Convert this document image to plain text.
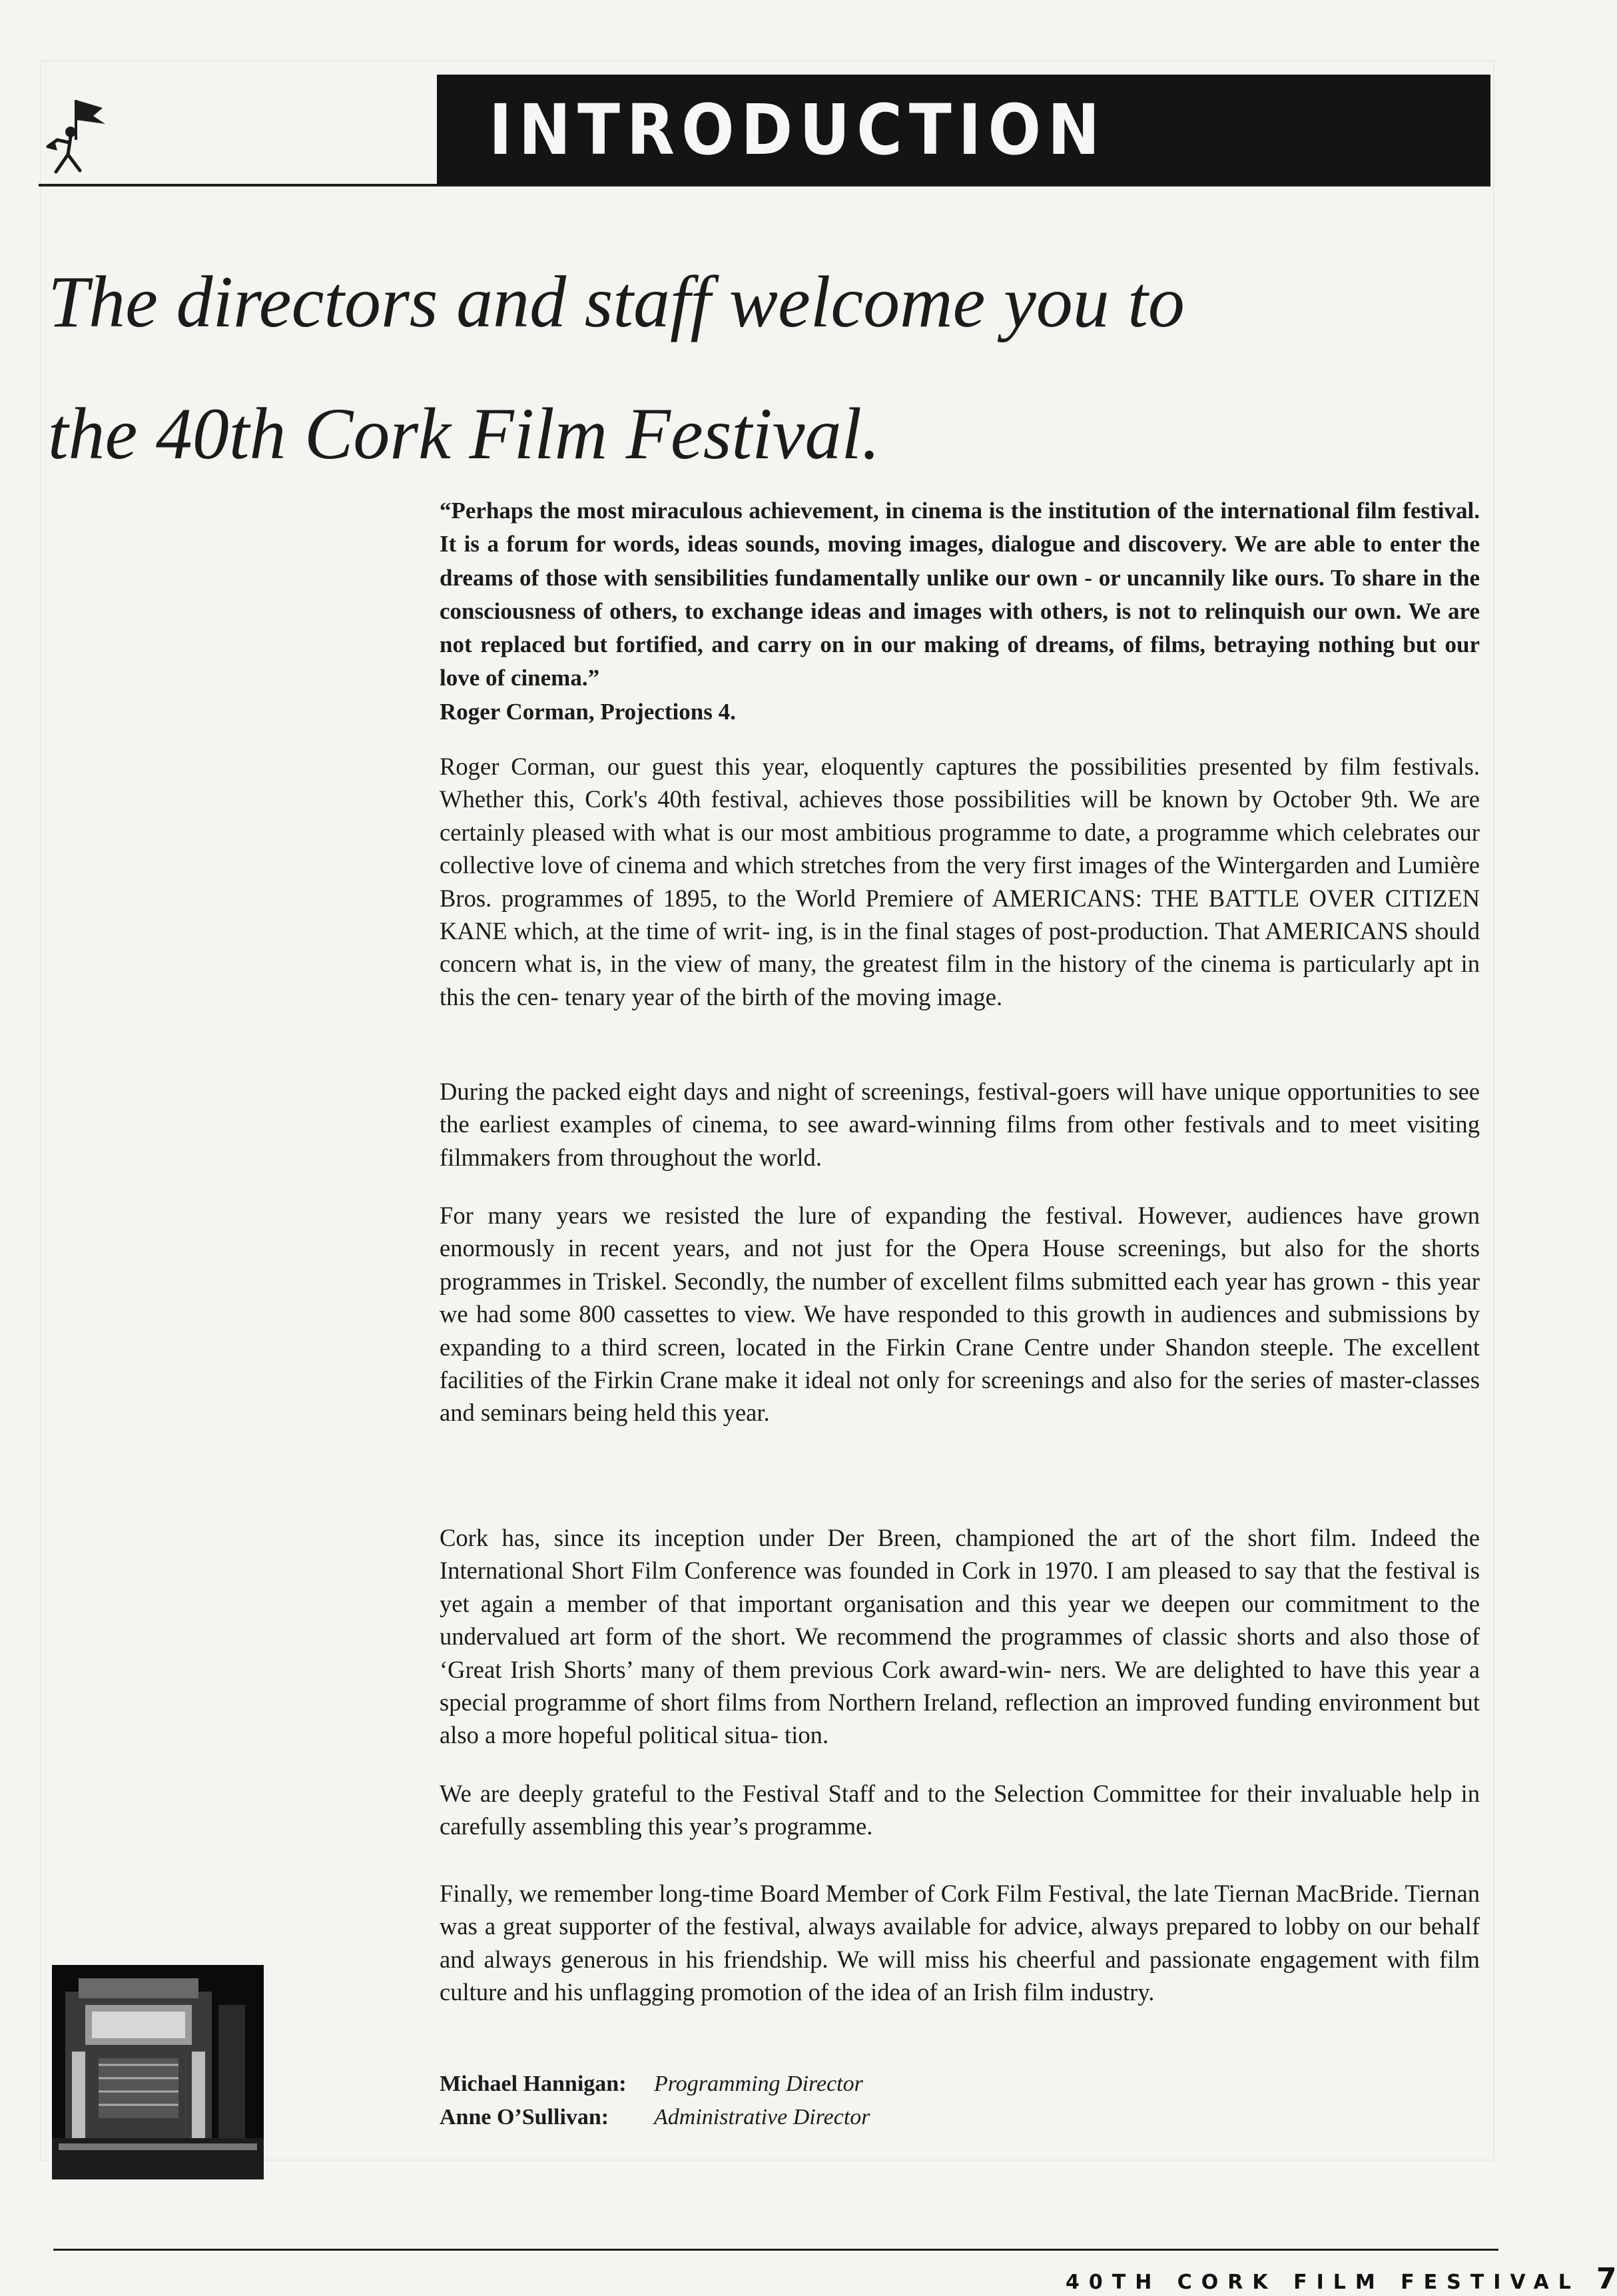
INTRODUCTION
The directors and staff welcome you to
the 40th Cork Film Festival.
“Perhaps the most miraculous achievement, in cinema is the institution of the international film festival. It is a forum for words, ideas sounds, moving images, dialogue and discovery. We are able to enter the dreams of those with sensibilities fundamentally unlike our own - or uncannily like ours. To share in the consciousness of others, to exchange ideas and images with others, is not to relinquish our own. We are not replaced but fortified, and carry on in our making of dreams, of films, betraying nothing but our love of cinema.”
Roger Corman, Projections 4.

Roger Corman, our guest this year, eloquently captures the possibilities presented by film festivals. Whether this, Cork's 40th festival, achieves those possibilities will be known by October 9th. We are certainly pleased with what is our most ambitious programme to date, a programme which celebrates our collective love of cinema and which stretches from the very first images of the Wintergarden and Lumière Bros. programmes of 1895, to the World Premiere of AMERICANS: THE BATTLE OVER CITIZEN KANE which, at the time of writ- ing, is in the final stages of post-production. That AMERICANS should concern what is, in the view of many, the greatest film in the history of the cinema is particularly apt in this the cen- tenary year of the birth of the moving image.

During the packed eight days and night of screenings, festival-goers will have unique opportunities to see the earliest examples of cinema, to see award-winning films from other festivals and to meet visiting filmmakers from throughout the world.

For many years we resisted the lure of expanding the festival. However, audiences have grown enormously in recent years, and not just for the Opera House screenings, but also for the shorts programmes in Triskel. Secondly, the number of excellent films submitted each year has grown - this year we had some 800 cassettes to view. We have responded to this growth in audiences and submissions by expanding to a third screen, located in the Firkin Crane Centre under Shandon steeple. The excellent facilities of the Firkin Crane make it ideal not only for screenings and also for the series of master-classes and seminars being held this year.

Cork has, since its inception under Der Breen, championed the art of the short film. Indeed the International Short Film Conference was founded in Cork in 1970. I am pleased to say that the festival is yet again a member of that important organisation and this year we deepen our commitment to the undervalued art form of the short. We recommend the programmes of classic shorts and also those of ‘Great Irish Shorts’ many of them previous Cork award-win- ners. We are delighted to have this year a special programme of short films from Northern Ireland, reflection an improved funding environment but also a more hopeful political situa- tion.

We are deeply grateful to the Festival Staff and to the Selection Committee for their invaluable help in carefully assembling this year’s programme.

Finally, we remember long-time Board Member of Cork Film Festival, the late Tiernan MacBride. Tiernan was a great supporter of the festival, always available for advice, always prepared to lobby on our behalf and always generous in his friendship. We will miss his cheerful and passionate engagement with film culture and his unflagging promotion of the idea of an Irish film industry.

Michael Hannigan:	Programming Director
Anne O’Sullivan:	Administrative Director
40TH CORK FILM FESTIVAL 7
